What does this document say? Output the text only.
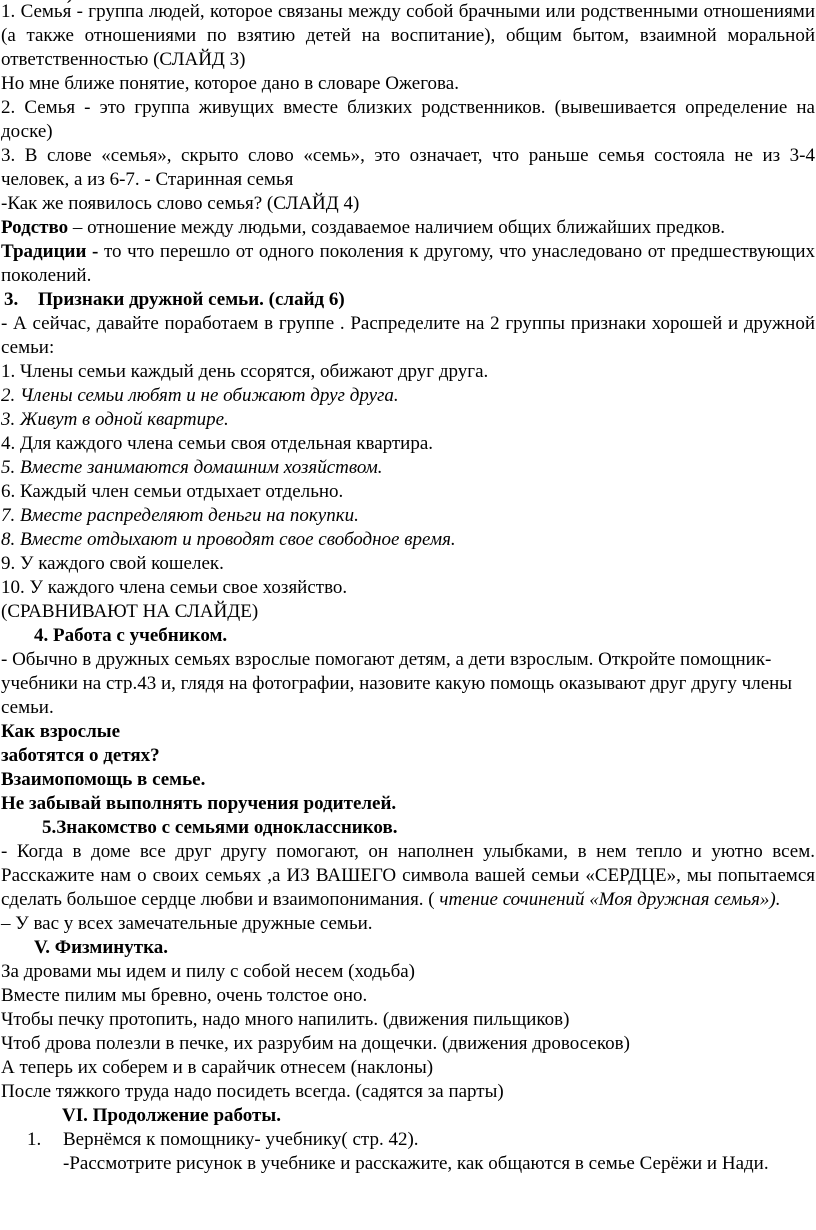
1. Семья́ - группа людей, которое связаны между собой брачными или родственными отношениями (а также отношениями по взятию детей на воспитание), общим бытом, взаимной моральной ответственностью (СЛАЙД 3)

Но мне ближе понятие, которое дано в словаре Ожегова.

2. Семья - это группа живущих вместе близких родственников. (вывешивается определение на доске)

3. В слове «семья», скрыто слово «семь», это означает, что раньше семья состояла не из 3-4 человек, а из 6-7. - Старинная семья

-Как же появилось слово семья? (СЛАЙД 4)

Родство – отношение между людьми, создаваемое наличием общих ближайших предков.

Традиции - то что перешло от одного поколения к другому, что унаследовано от предшествующих поколений.

3. Признаки дружной семьи. (слайд 6)

- А сейчас, давайте поработаем в группе . Распределите на 2 группы признаки хорошей и дружной семьи:

1. Члены семьи каждый день ссорятся, обижают друг друга.

2. Члены семьи любят и не обижают друг друга.

3. Живут в одной квартире.

4. Для каждого члена семьи своя отдельная квартира.

5. Вместе занимаются домашним хозяйством.

6. Каждый член семьи отдыхает отдельно.

7. Вместе распределяют деньги на покупки.

8. Вместе отдыхают и проводят свое свободное время.

9. У каждого свой кошелек.

10. У каждого члена семьи свое хозяйство.

(СРАВНИВАЮТ НА СЛАЙДЕ)

4. Работа с учебником.

- Обычно в дружных семьях взрослые помогают детям, а дети взрослым. Откройте помощник- учебники на стр.43 и, глядя на фотографии, назовите какую помощь оказывают друг другу члены семьи.

Как взрослые

заботятся о детях?

Взаимопомощь в семье.

Не забывай выполнять поручения родителей.

5.Знакомство с семьями одноклассников.

- Когда в доме все друг другу помогают, он наполнен улыбками, в нем тепло и уютно всем. Расскажите нам о своих семьях ,а ИЗ ВАШЕГО символа вашей семьи «СЕРДЦЕ», мы попытаемся сделать большое сердце любви и взаимопонимания. ( чтение сочинений «Моя дружная семья»).

– У вас у всех замечательные дружные семьи.

V. Физминутка.

За дровами мы идем и пилу с собой несем (ходьба)

Вместе пилим мы бревно, очень толстое оно.

Чтобы печку протопить, надо много напилить. (движения пильщиков)

Чтоб дрова полезли в печке, их разрубим на дощечки. (движения дровосеков)

А теперь их соберем и в сарайчик отнесем (наклоны)

После тяжкого труда надо посидеть всегда. (садятся за парты)

VI. Продолжение работы.

1.	Вернёмся к помощнику- учебнику( стр. 42).

-Рассмотрите рисунок в учебнике и расскажите, как общаются в семье Серёжи и Нади.
